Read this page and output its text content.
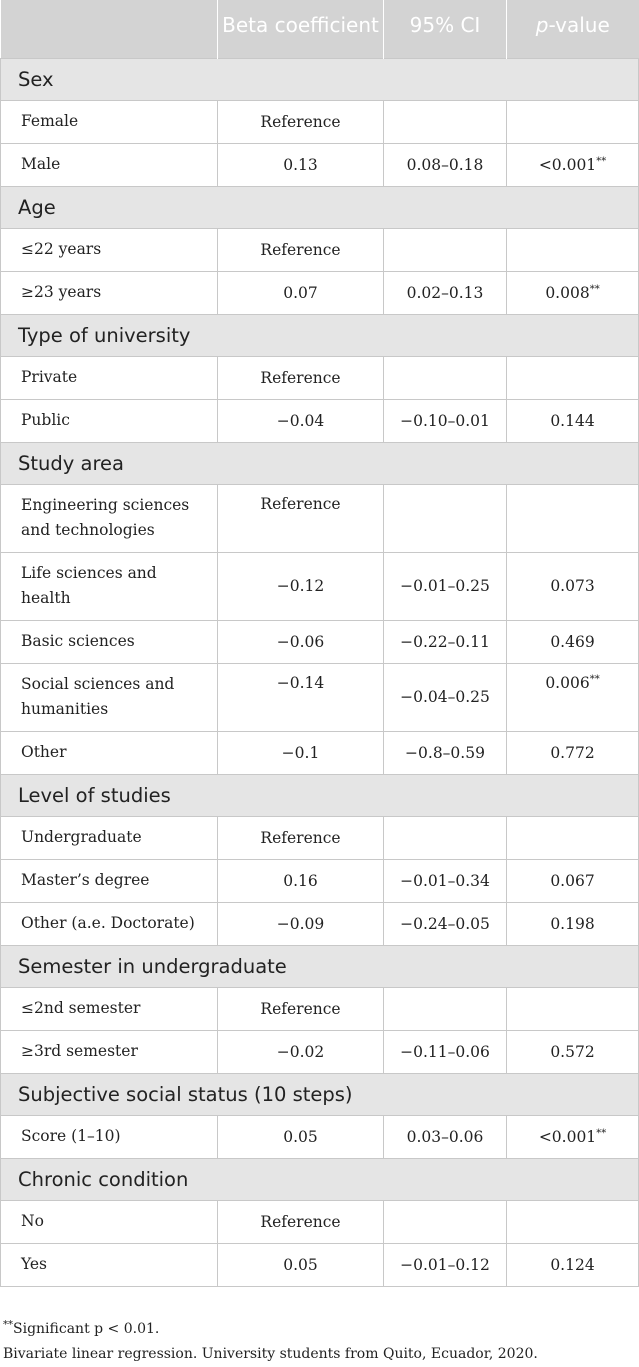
	Beta coefficient	95% CI	p-value
Sex			
Female	Reference		
Male	0.13	0.08–0.18	<0.001**
Age			
≤22 years	Reference		
≥23 years	0.07	0.02–0.13	0.008**
Type of university			
Private	Reference		
Public	−0.04	−0.10–0.01	0.144
Study area			
Engineering sciences and technologies	Reference		
Life sciences and health	−0.12	−0.01–0.25	0.073
Basic sciences	−0.06	−0.22–0.11	0.469
Social sciences and humanities	−0.14	−0.04–0.25	0.006**
Other	−0.1	−0.8–0.59	0.772
Level of studies			
Undergraduate	Reference		
Master’s degree	0.16	−0.01–0.34	0.067
Other (a.e. Doctorate)	−0.09	−0.24–0.05	0.198
Semester in undergraduate			
≤2nd semester	Reference		
≥3rd semester	−0.02	−0.11–0.06	0.572
Subjective social status (10 steps)			
Score (1–10)	0.05	0.03–0.06	<0.001**
Chronic condition			
No	Reference		
Yes	0.05	−0.01–0.12	0.124
**Significant p < 0.01.
Bivariate linear regression. University students from Quito, Ecuador, 2020.
